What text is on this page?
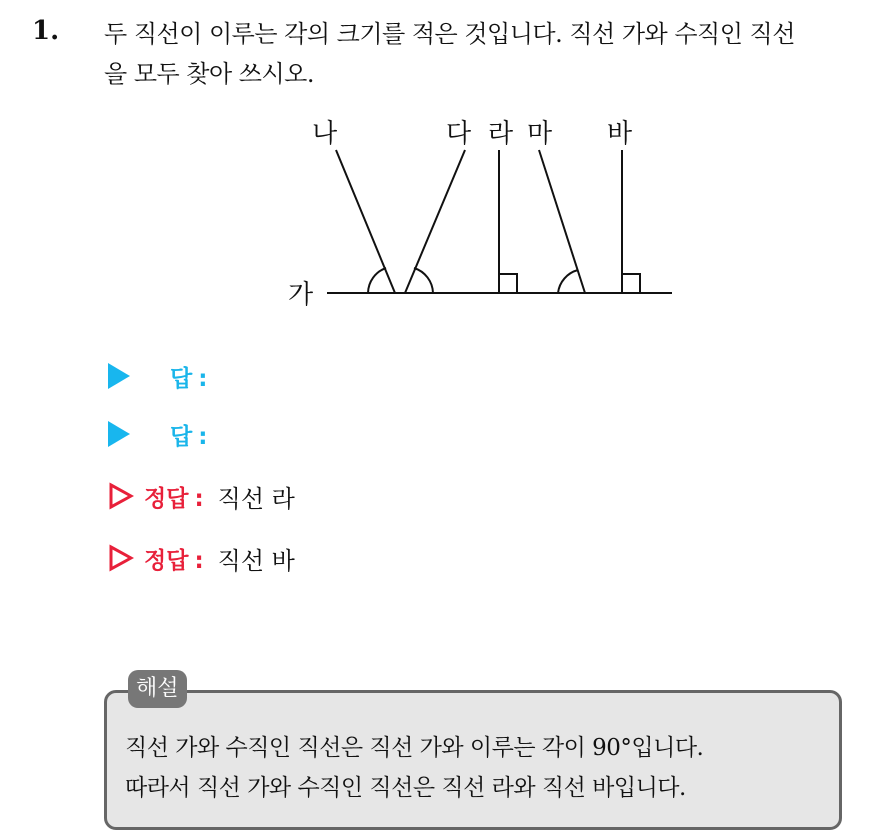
1. 두 직선이 이루는 각의 크기를 적은 것입니다. 직선 가와 수직인 직선
을 모두 찾아 쓰시오.
가
나	다 라 마 바
답 :
답 :
정답 : 직선 라
정답 : 직선 바
해설
직선 가와 수직인 직선은 직선 가와 이루는 각이 90°입니다.
따라서 직선 가와 수직인 직선은 직선 라와 직선 바입니다.
